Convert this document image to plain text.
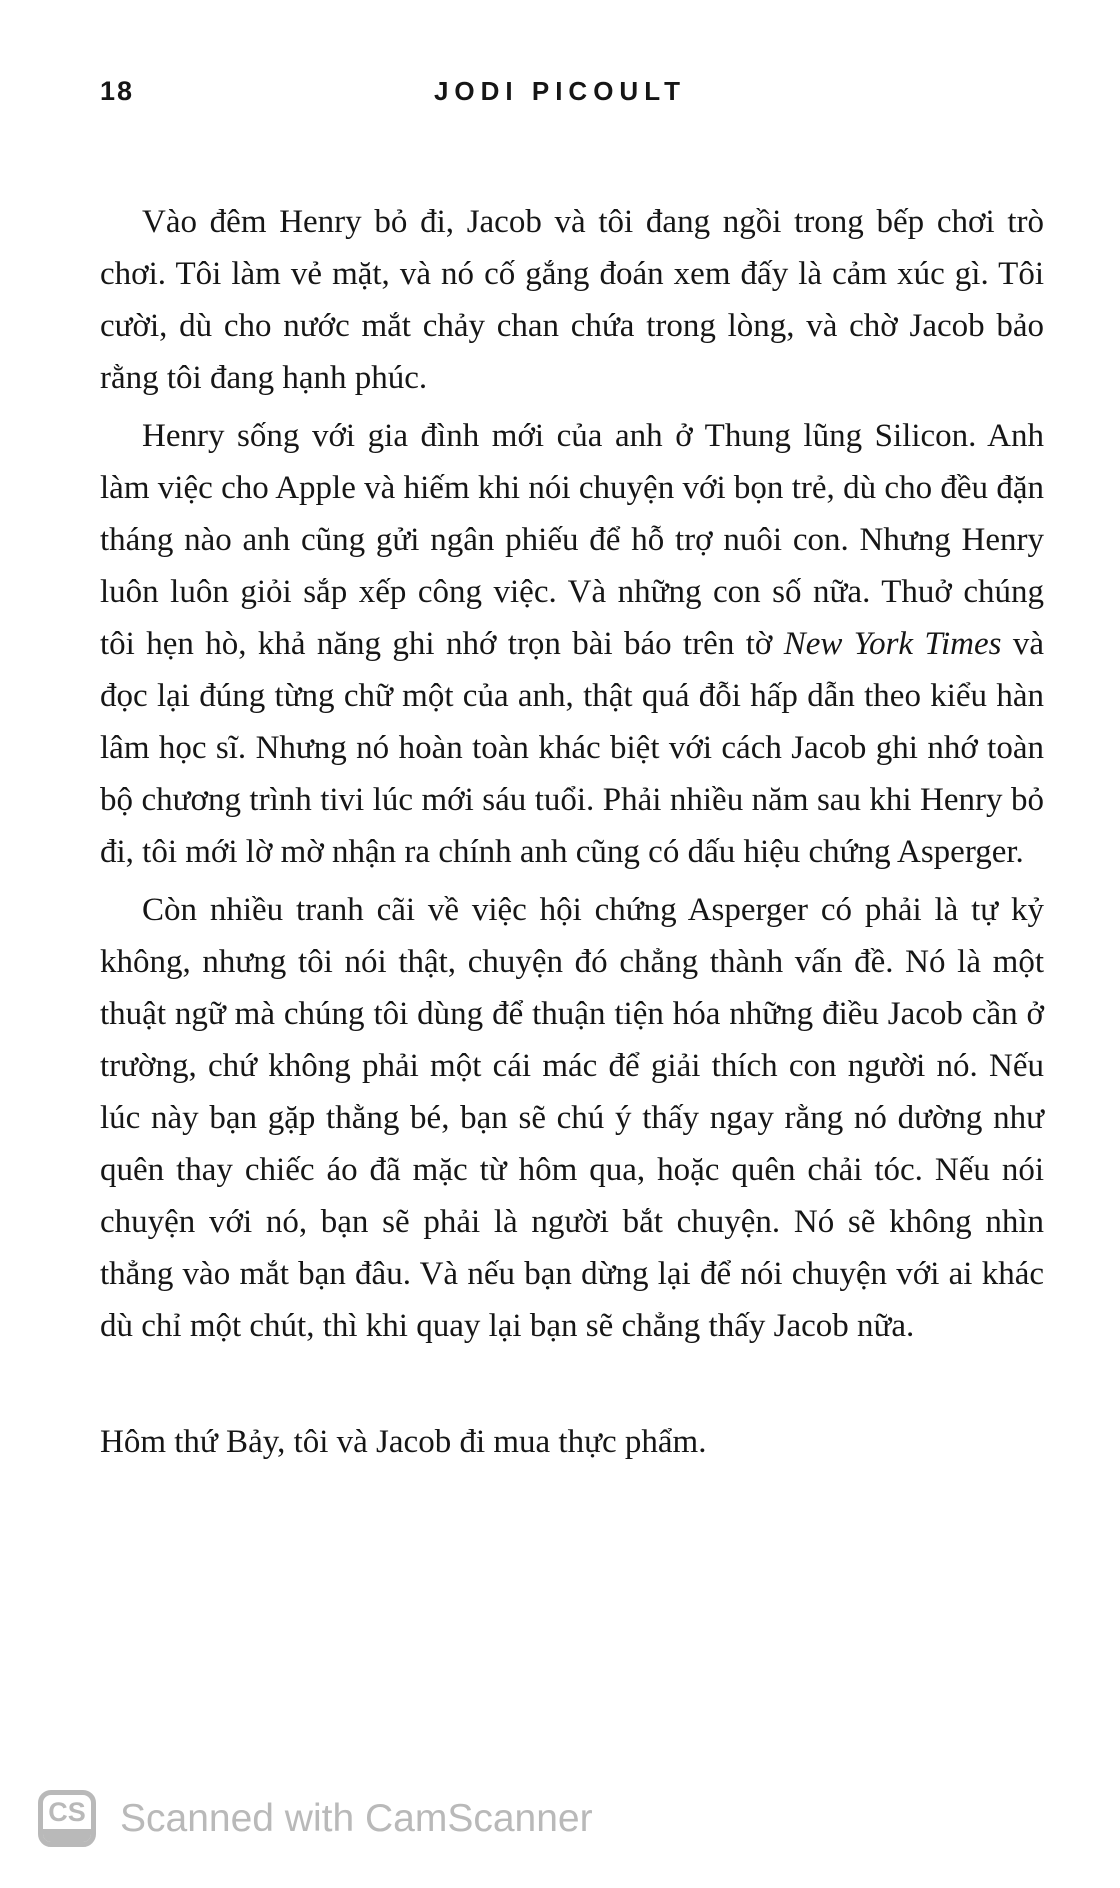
18	JODI PICOULT

Vào đêm Henry bỏ đi, Jacob và tôi đang ngồi trong bếp chơi trò chơi. Tôi làm vẻ mặt, và nó cố gắng đoán xem đấy là cảm xúc gì. Tôi cười, dù cho nước mắt chảy chan chứa trong lòng, và chờ Jacob bảo rằng tôi đang hạnh phúc.

Henry sống với gia đình mới của anh ở Thung lũng Silicon. Anh làm việc cho Apple và hiếm khi nói chuyện với bọn trẻ, dù cho đều đặn tháng nào anh cũng gửi ngân phiếu để hỗ trợ nuôi con. Nhưng Henry luôn luôn giỏi sắp xếp công việc. Và những con số nữa. Thuở chúng tôi hẹn hò, khả năng ghi nhớ trọn bài báo trên tờ New York Times và đọc lại đúng từng chữ một của anh, thật quá đỗi hấp dẫn theo kiểu hàn lâm học sĩ. Nhưng nó hoàn toàn khác biệt với cách Jacob ghi nhớ toàn bộ chương trình tivi lúc mới sáu tuổi. Phải nhiều năm sau khi Henry bỏ đi, tôi mới lờ mờ nhận ra chính anh cũng có dấu hiệu chứng Asperger.

Còn nhiều tranh cãi về việc hội chứng Asperger có phải là tự kỷ không, nhưng tôi nói thật, chuyện đó chẳng thành vấn đề. Nó là một thuật ngữ mà chúng tôi dùng để thuận tiện hóa những điều Jacob cần ở trường, chứ không phải một cái mác để giải thích con người nó. Nếu lúc này bạn gặp thằng bé, bạn sẽ chú ý thấy ngay rằng nó dường như quên thay chiếc áo đã mặc từ hôm qua, hoặc quên chải tóc. Nếu nói chuyện với nó, bạn sẽ phải là người bắt chuyện. Nó sẽ không nhìn thẳng vào mắt bạn đâu. Và nếu bạn dừng lại để nói chuyện với ai khác dù chỉ một chút, thì khi quay lại bạn sẽ chẳng thấy Jacob nữa.

Hôm thứ Bảy, tôi và Jacob đi mua thực phẩm.

CS Scanned with CamScanner
